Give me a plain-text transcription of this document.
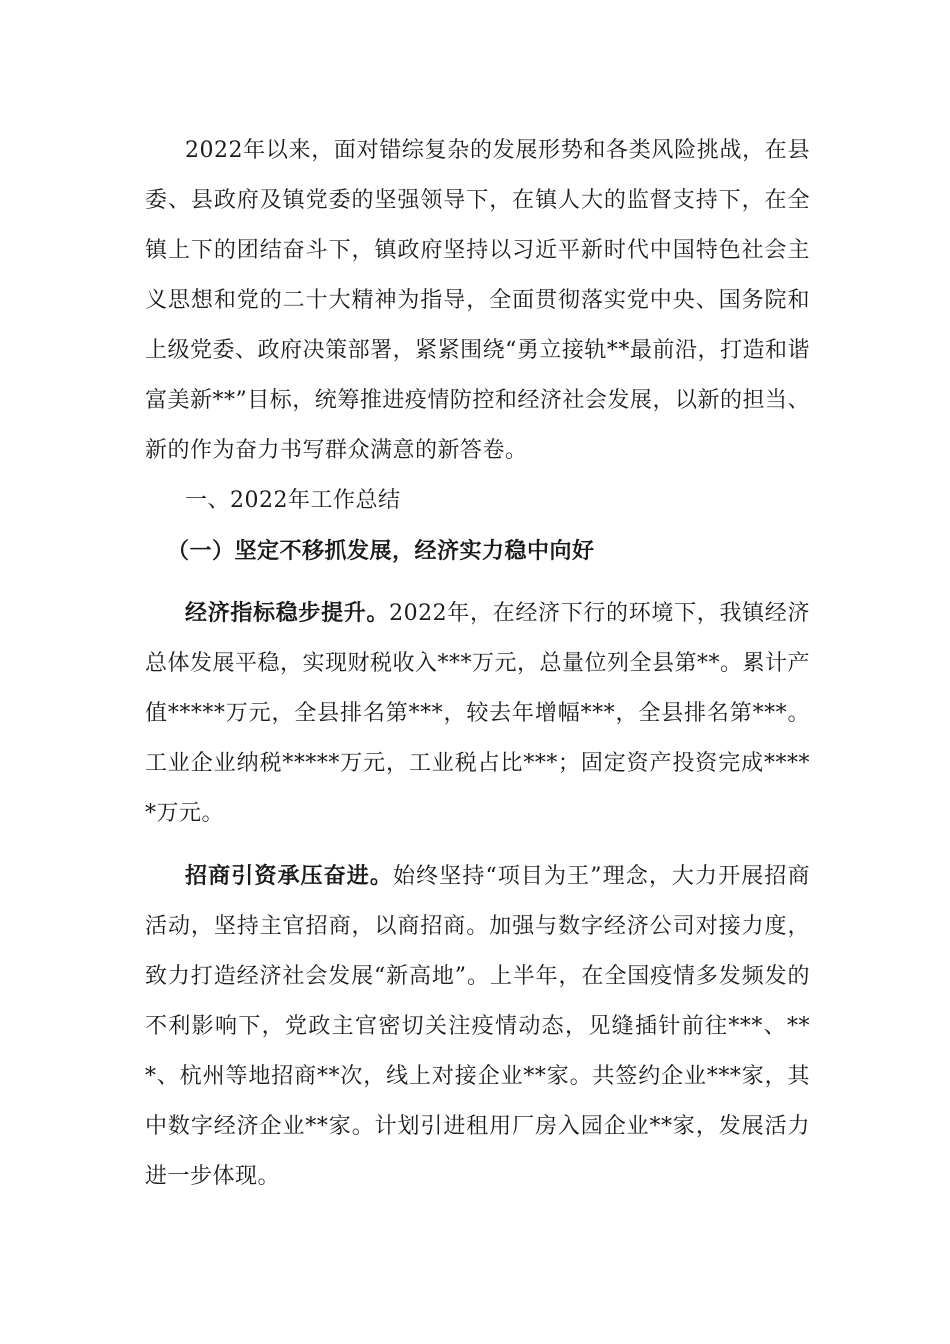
2022年以来，面对错综复杂的发展形势和各类风险挑战，在县委、县政府及镇党委的坚强领导下，在镇人大的监督支持下，在全镇上下的团结奋斗下，镇政府坚持以习近平新时代中国特色社会主义思想和党的二十大精神为指导，全面贯彻落实党中央、国务院和上级党委、政府决策部署，紧紧围绕“勇立接轨**最前沿，打造和谐富美新**”目标，统筹推进疫情防控和经济社会发展，以新的担当、新的作为奋力书写群众满意的新答卷。

一、2022年工作总结

（一）坚定不移抓发展，经济实力稳中向好

经济指标稳步提升。2022年，在经济下行的环境下，我镇经济总体发展平稳，实现财税收入***万元，总量位列全县第**。累计产值*****万元，全县排名第***，较去年增幅***，全县排名第***。工业企业纳税*****万元，工业税占比***；固定资产投资完成*****万元。

招商引资承压奋进。始终坚持“项目为王”理念，大力开展招商活动，坚持主官招商，以商招商。加强与数字经济公司对接力度，致力打造经济社会发展“新高地”。上半年，在全国疫情多发频发的不利影响下，党政主官密切关注疫情动态，见缝插针前往***、***、杭州等地招商**次，线上对接企业**家。共签约企业***家，其中数字经济企业**家。计划引进租用厂房入园企业**家，发展活力进一步体现。
